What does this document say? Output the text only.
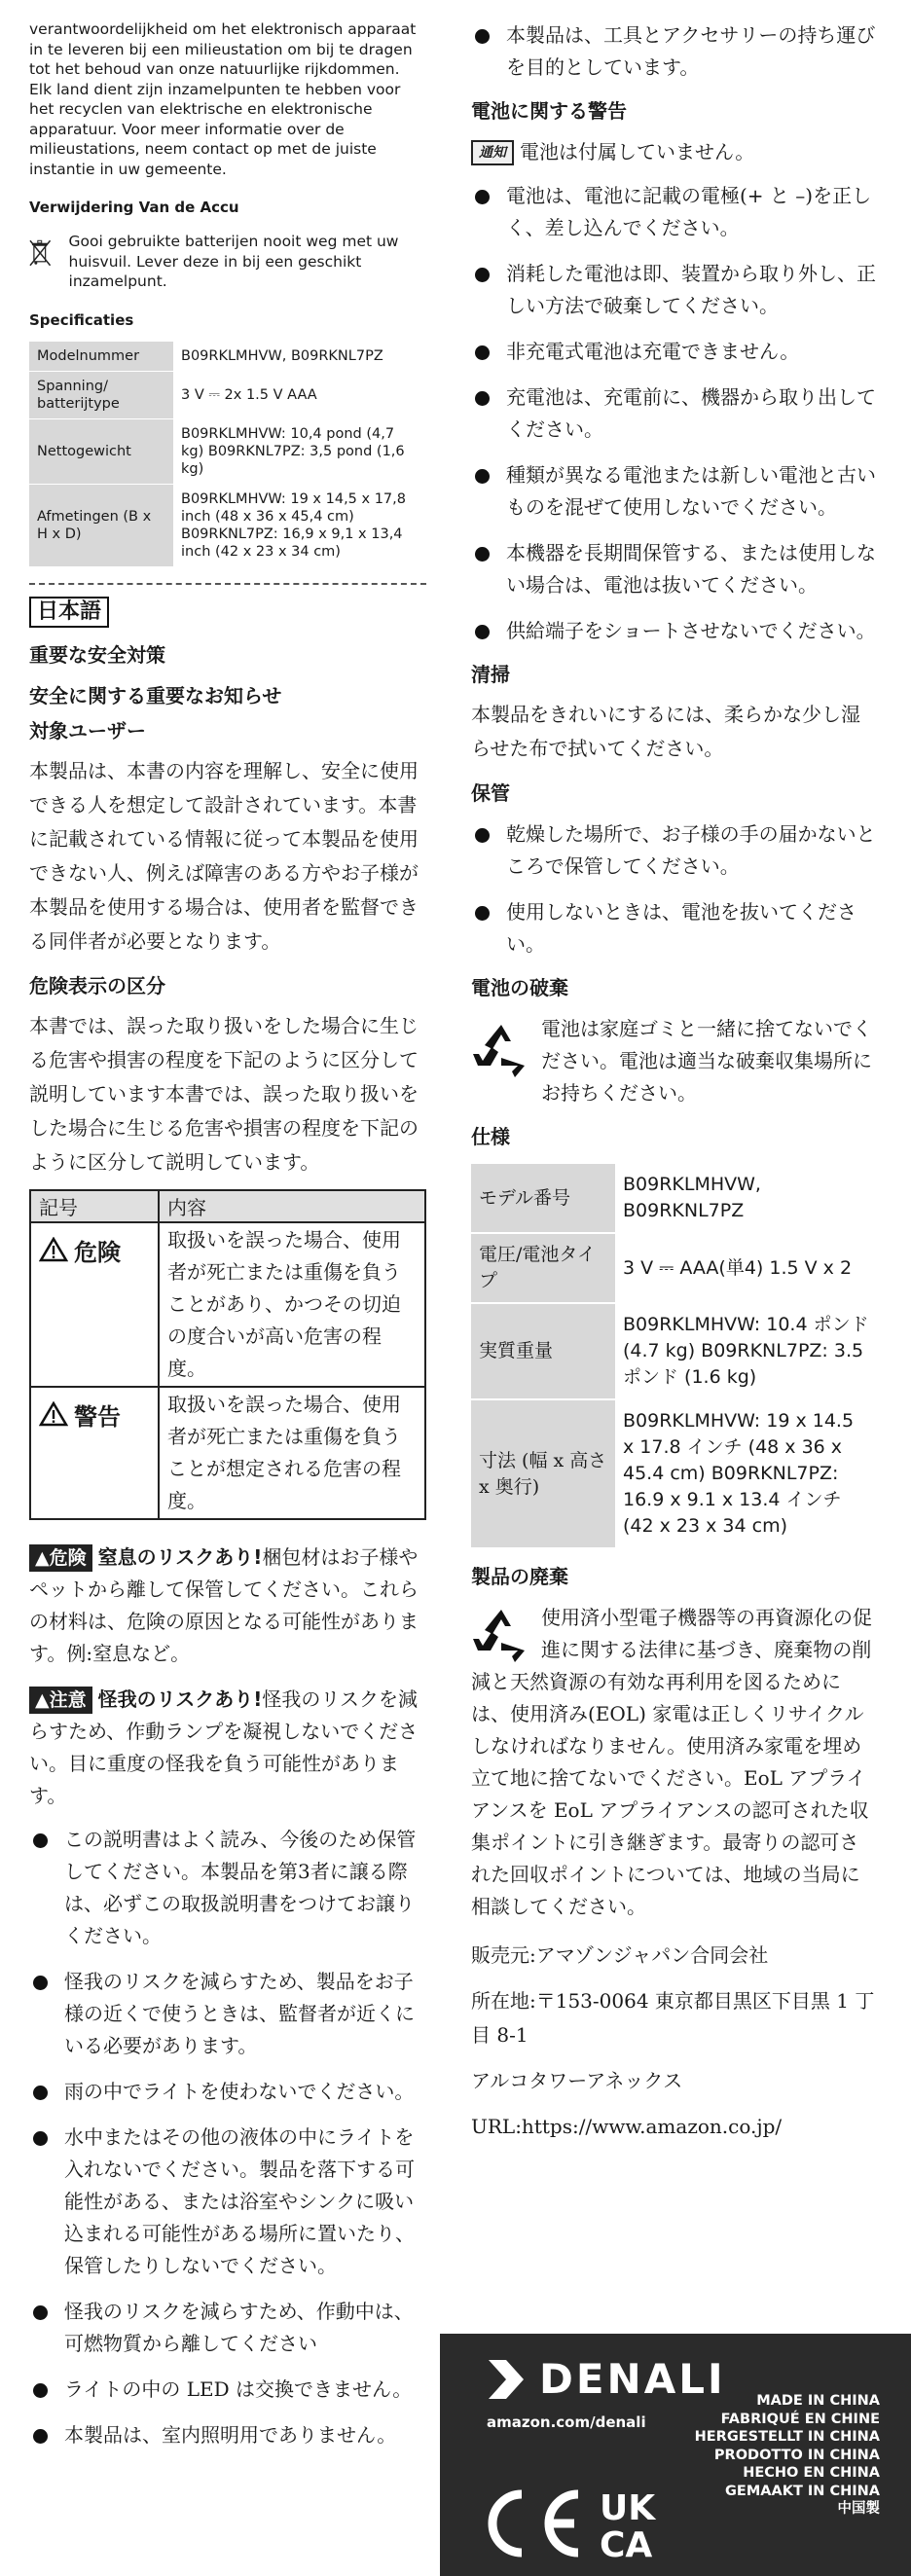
verantwoordelijkheid om het elektronisch apparaat in te leveren bij een milieustation om bij te dragen tot het behoud van onze natuurlijke rijkdommen. Elk land dient zijn inzamelpunten te hebben voor het recyclen van elektrische en elektronische apparatuur. Voor meer informatie over de milieustations, neem contact op met de juiste instantie in uw gemeente.

Verwijdering Van de Accu
Gooi gebruikte batterijen nooit weg met uw huisvuil. Lever deze in bij een geschikt inzamelpunt.
Specificaties
Modelnummer	B09RKLMHVW, B09RKNL7PZ
Spanning/ batterijtype	3 V ⎓ 2x 1.5 V AAA
Nettogewicht	B09RKLMHVW: 10,4 pond (4,7 kg) B09RKNL7PZ: 3,5 pond (1,6 kg)
Afmetingen (B x H x D)	B09RKLMHVW: 19 x 14,5 x 17,8 inch (48 x 36 x 45,4 cm) B09RKNL7PZ: 16,9 x 9,1 x 13,4 inch (42 x 23 x 34 cm)
日本語
重要な安全対策
安全に関する重要なお知らせ
対象ユーザー

本製品は、本書の内容を理解し、安全に使用できる人を想定して設計されています。本書に記載されている情報に従って本製品を使用できない人、例えば障害のある方やお子様が本製品を使用する場合は、使用者を監督できる同伴者が必要となります。

危険表示の区分

本書では、誤った取り扱いをした場合に生じる危害や損害の程度を下記のように区分して説明しています本書では、誤った取り扱いをした場合に生じる危害や損害の程度を下記のように区分して説明しています。

記号	内容
危険	取扱いを誤った場合、使用者が死亡または重傷を負うことがあり、かつその切迫の度合いが高い危害の程度。
警告	取扱いを誤った場合、使用者が死亡または重傷を負うことが想定される危害の程度。
▲危険 窒息のリスクあり!梱包材はお子様やペットから離して保管してください。これらの材料は、危険の原因となる可能性があります。例:窒息など。
▲注意 怪我のリスクあり!怪我のリスクを減らすため、作動ランプを凝視しないでください。目に重度の怪我を負う可能性があります。
この説明書はよく読み、今後のため保管してください。本製品を第3者に譲る際は、必ずこの取扱説明書をつけてお譲りください。
怪我のリスクを減らすため、製品をお子様の近くで使うときは、監督者が近くにいる必要があります。
雨の中でライトを使わないでください。
水中またはその他の液体の中にライトを入れないでください。製品を落下する可能性がある、または浴室やシンクに吸い込まれる可能性がある場所に置いたり、保管したりしないでください。
怪我のリスクを減らすため、作動中は、可燃物質から離してください
ライトの中の LED は交換できません。
本製品は、室内照明用でありません。
本製品は、工具とアクセサリーの持ち運びを目的としています。
電池に関する警告
通知 電池は付属していません。
電池は、電池に記載の電極(+ と –)を正しく、差し込んでください。
消耗した電池は即、装置から取り外し、正しい方法で破棄してください。
非充電式電池は充電できません。
充電池は、充電前に、機器から取り出してください。
種類が異なる電池または新しい電池と古いものを混ぜて使用しないでください。
本機器を長期間保管する、または使用しない場合は、電池は抜いてください。
供給端子をショートさせないでください。
清掃

本製品をきれいにするには、柔らかな少し湿らせた布で拭いてください。

保管
乾燥した場所で、お子様の手の届かないところで保管してください。
使用しないときは、電池を抜いてください。
電池の破棄
電池は家庭ゴミと一緒に捨てないでください。電池は適当な破棄収集場所にお持ちください。
仕様
モデル番号	B09RKLMHVW, B09RKNL7PZ
電圧/電池タイプ	3 V ⎓ AAA(単4) 1.5 V x 2
実質重量	B09RKLMHVW: 10.4 ポンド (4.7 kg) B09RKNL7PZ: 3.5 ポンド (1.6 kg)
寸法 (幅 x 高さ x 奥行)	B09RKLMHVW: 19 x 14.5 x 17.8 インチ (48 x 36 x 45.4 cm) B09RKNL7PZ: 16.9 x 9.1 x 13.4 インチ (42 x 23 x 34 cm)
製品の廃棄
使用済小型電子機器等の再資源化の促進に関する法律に基づき、廃棄物の削減と天然資源の有効な再利用を図るためには、使用済み(EOL) 家電は正しくリサイクルしなければなりません。使用済み家電を埋め立て地に捨てないでください。EoL アプライアンスを EoL アプライアンスの認可された収集ポイントに引き継ぎます。最寄りの認可された回収ポイントについては、地域の当局に相談してください。

販売元:アマゾンジャパン合同会社

所在地:〒153-0064 東京都目黒区下目黒 1 丁目 8-1

アルコタワーアネックス

URL:https://www.amazon.co.jp/

DENALI
amazon.com/denali
MADE IN CHINA
FABRIQUÉ EN CHINE
HERGESTELLT IN CHINA
PRODOTTO IN CHINA
HECHO EN CHINA
GEMAAKT IN CHINA
中国製
UK
CA
